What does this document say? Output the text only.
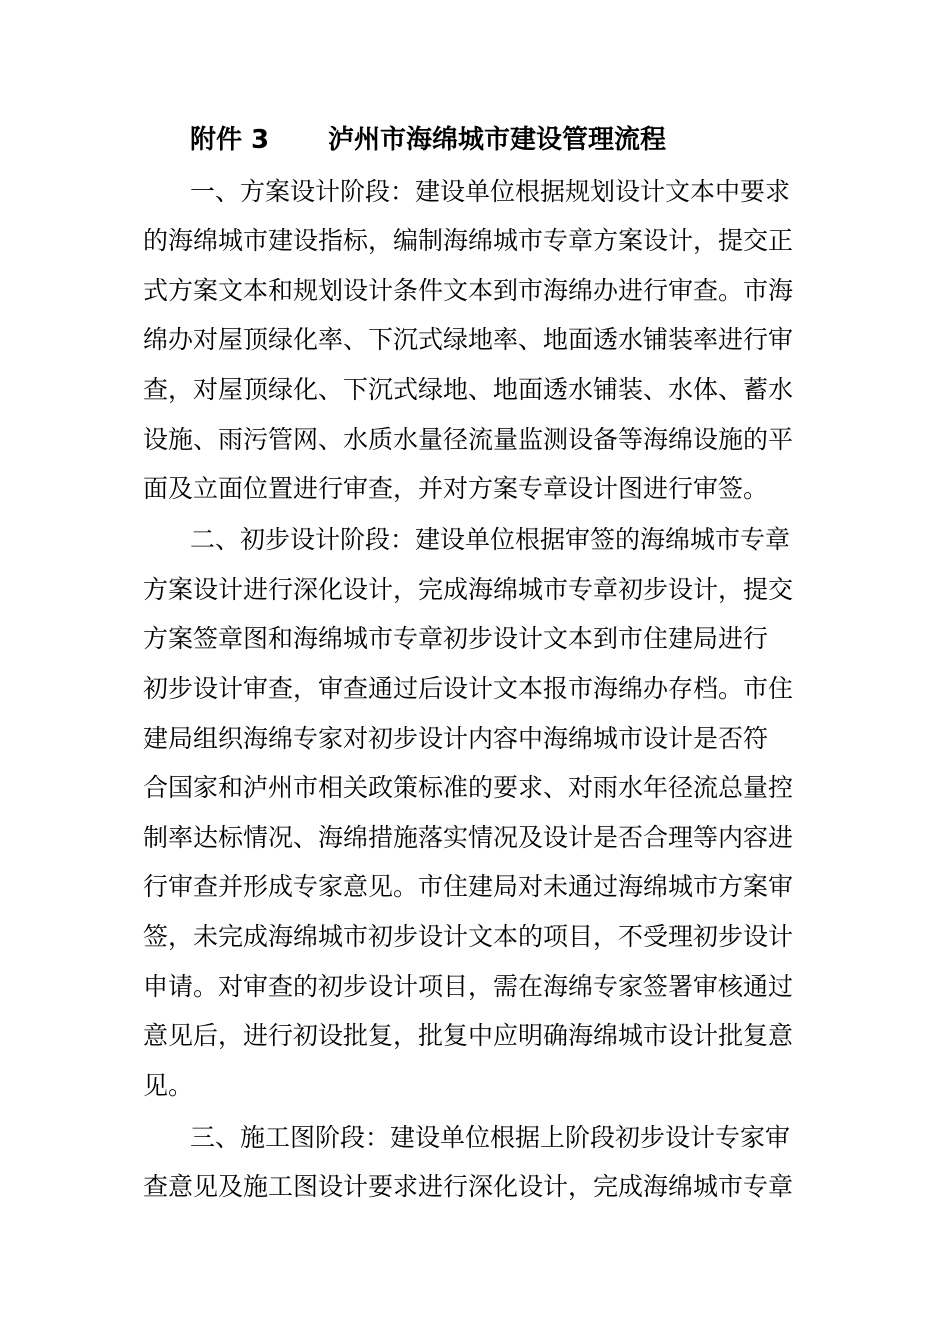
附件 3 泸州市海绵城市建设管理流程
一、方案设计阶段：建设单位根据规划设计文本中要求
的海绵城市建设指标，编制海绵城市专章方案设计，提交正
式方案文本和规划设计条件文本到市海绵办进行审查。市海
绵办对屋顶绿化率、下沉式绿地率、地面透水铺装率进行审
查，对屋顶绿化、下沉式绿地、地面透水铺装、水体、蓄水
设施、雨污管网、水质水量径流量监测设备等海绵设施的平
面及立面位置进行审查，并对方案专章设计图进行审签。
二、初步设计阶段：建设单位根据审签的海绵城市专章
方案设计进行深化设计，完成海绵城市专章初步设计，提交
方案签章图和海绵城市专章初步设计文本到市住建局进行
初步设计审查，审查通过后设计文本报市海绵办存档。市住
建局组织海绵专家对初步设计内容中海绵城市设计是否符
合国家和泸州市相关政策标准的要求、对雨水年径流总量控
制率达标情况、海绵措施落实情况及设计是否合理等内容进
行审查并形成专家意见。市住建局对未通过海绵城市方案审
签，未完成海绵城市初步设计文本的项目，不受理初步设计
申请。对审查的初步设计项目，需在海绵专家签署审核通过
意见后，进行初设批复，批复中应明确海绵城市设计批复意
见。
三、施工图阶段：建设单位根据上阶段初步设计专家审
查意见及施工图设计要求进行深化设计，完成海绵城市专章
